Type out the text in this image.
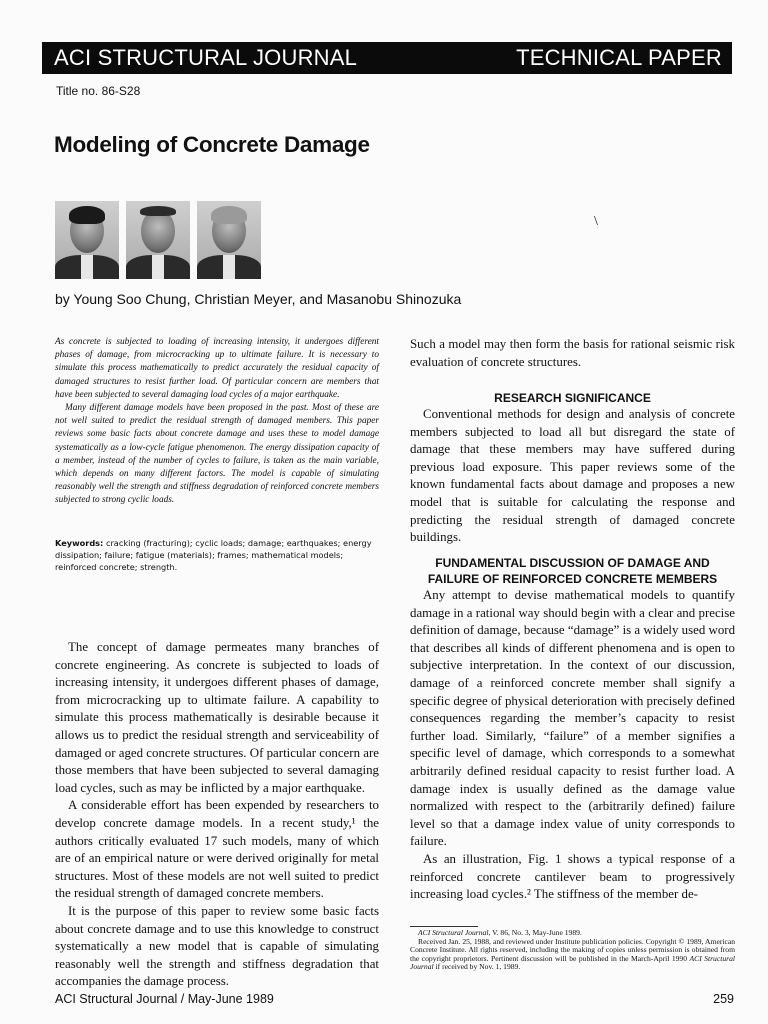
ACI STRUCTURAL JOURNAL	TECHNICAL PAPER
Title no. 86-S28
Modeling of Concrete Damage
\

by Young Soo Chung, Christian Meyer, and Masanobu Shinozuka

As concrete is subjected to loading of increasing intensity, it undergoes different phases of damage, from microcracking up to ultimate failure. It is necessary to simulate this process mathematically to predict accurately the residual capacity of damaged structures to resist further load. Of particular concern are members that have been subjected to several damaging load cycles of a major earthquake.

Many different damage models have been proposed in the past. Most of these are not well suited to predict the residual strength of damaged members. This paper reviews some basic facts about concrete damage and uses these to model damage systematically as a low-cycle fatigue phenomenon. The energy dissipation capacity of a member, instead of the number of cycles to failure, is taken as the main variable, which depends on many different factors. The model is capable of simulating reasonably well the strength and stiffness degradation of reinforced concrete members subjected to strong cyclic loads.

Keywords: cracking (fracturing); cyclic loads; damage; earthquakes; energy dissipation; failure; fatigue (materials); frames; mathematical models; reinforced concrete; strength.

The concept of damage permeates many branches of concrete engineering. As concrete is subjected to loads of increasing intensity, it undergoes different phases of damage, from microcracking up to ultimate failure. A capability to simulate this process mathematically is desirable because it allows us to predict the residual strength and serviceability of damaged or aged concrete structures. Of particular concern are those members that have been subjected to several damaging load cycles, such as may be inflicted by a major earthquake.

A considerable effort has been expended by researchers to develop concrete damage models. In a recent study,¹ the authors critically evaluated 17 such models, many of which are of an empirical nature or were derived originally for metal structures. Most of these models are not well suited to predict the residual strength of damaged concrete members.

It is the purpose of this paper to review some basic facts about concrete damage and to use this knowledge to construct systematically a new model that is capable of simulating reasonably well the strength and stiffness degradation that accompanies the damage process.

Such a model may then form the basis for rational seismic risk evaluation of concrete structures.

RESEARCH SIGNIFICANCE

Conventional methods for design and analysis of concrete members subjected to load all but disregard the state of damage that these members may have suffered during previous load exposure. This paper reviews some of the known fundamental facts about damage and proposes a new model that is suitable for calculating the response and predicting the residual strength of damaged concrete buildings.

FUNDAMENTAL DISCUSSION OF DAMAGE AND FAILURE OF REINFORCED CONCRETE MEMBERS

Any attempt to devise mathematical models to quantify damage in a rational way should begin with a clear and precise definition of damage, because “damage” is a widely used word that describes all kinds of different phenomena and is open to subjective interpretation. In the context of our discussion, damage of a reinforced concrete member shall signify a specific degree of physical deterioration with precisely defined consequences regarding the member’s capacity to resist further load. Similarly, “failure” of a member signifies a specific level of damage, which corresponds to a somewhat arbitrarily defined residual capacity to resist further load. A damage index is usually defined as the damage value normalized with respect to the (arbitrarily defined) failure level so that a damage index value of unity corresponds to failure.

As an illustration, Fig. 1 shows a typical response of a reinforced concrete cantilever beam to progressively increasing load cycles.² The stiffness of the member de-

ACI Structural Journal, V. 86, No. 3, May-June 1989.

Received Jan. 25, 1988, and reviewed under Institute publication policies. Copyright © 1989, American Concrete Institute. All rights reserved, including the making of copies unless permission is obtained from the copyright proprietors. Pertinent discussion will be published in the March-April 1990 ACI Structural Journal if received by Nov. 1, 1989.

ACI Structural Journal / May-June 1989	259
